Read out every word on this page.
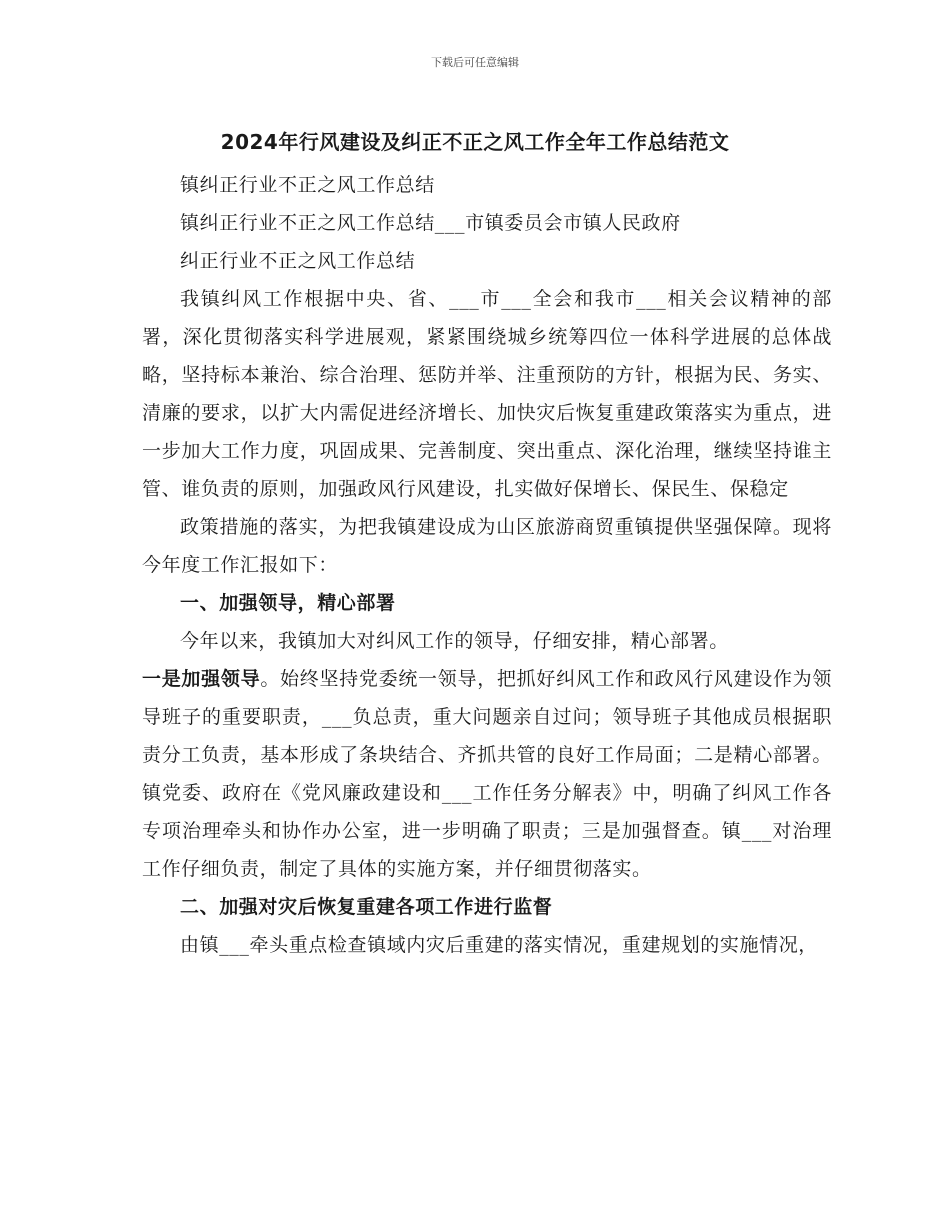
下载后可任意编辑
2024年行风建设及纠正不正之风工作全年工作总结范文

镇纠正行业不正之风工作总结

镇纠正行业不正之风工作总结___市镇委员会市镇人民政府

纠正行业不正之风工作总结

我镇纠风工作根据中央、省、___市___全会和我市___相关会议精神的部署，深化贯彻落实科学进展观，紧紧围绕城乡统筹四位一体科学进展的总体战略，坚持标本兼治、综合治理、惩防并举、注重预防的方针，根据为民、务实、清廉的要求，以扩大内需促进经济增长、加快灾后恢复重建政策落实为重点，进一步加大工作力度，巩固成果、完善制度、突出重点、深化治理，继续坚持谁主管、谁负责的原则，加强政风行风建设，扎实做好保增长、保民生、保稳定

政策措施的落实，为把我镇建设成为山区旅游商贸重镇提供坚强保障。现将今年度工作汇报如下：

一、加强领导，精心部署

今年以来，我镇加大对纠风工作的领导，仔细安排，精心部署。

一是加强领导。始终坚持党委统一领导，把抓好纠风工作和政风行风建设作为领导班子的重要职责，___负总责，重大问题亲自过问；领导班子其他成员根据职责分工负责，基本形成了条块结合、齐抓共管的良好工作局面；二是精心部署。镇党委、政府在《党风廉政建设和___工作任务分解表》中，明确了纠风工作各专项治理牵头和协作办公室，进一步明确了职责；三是加强督查。镇___对治理工作仔细负责，制定了具体的实施方案，并仔细贯彻落实。

二、加强对灾后恢复重建各项工作进行监督

由镇___牵头重点检查镇域内灾后重建的落实情况，重建规划的实施情况，
